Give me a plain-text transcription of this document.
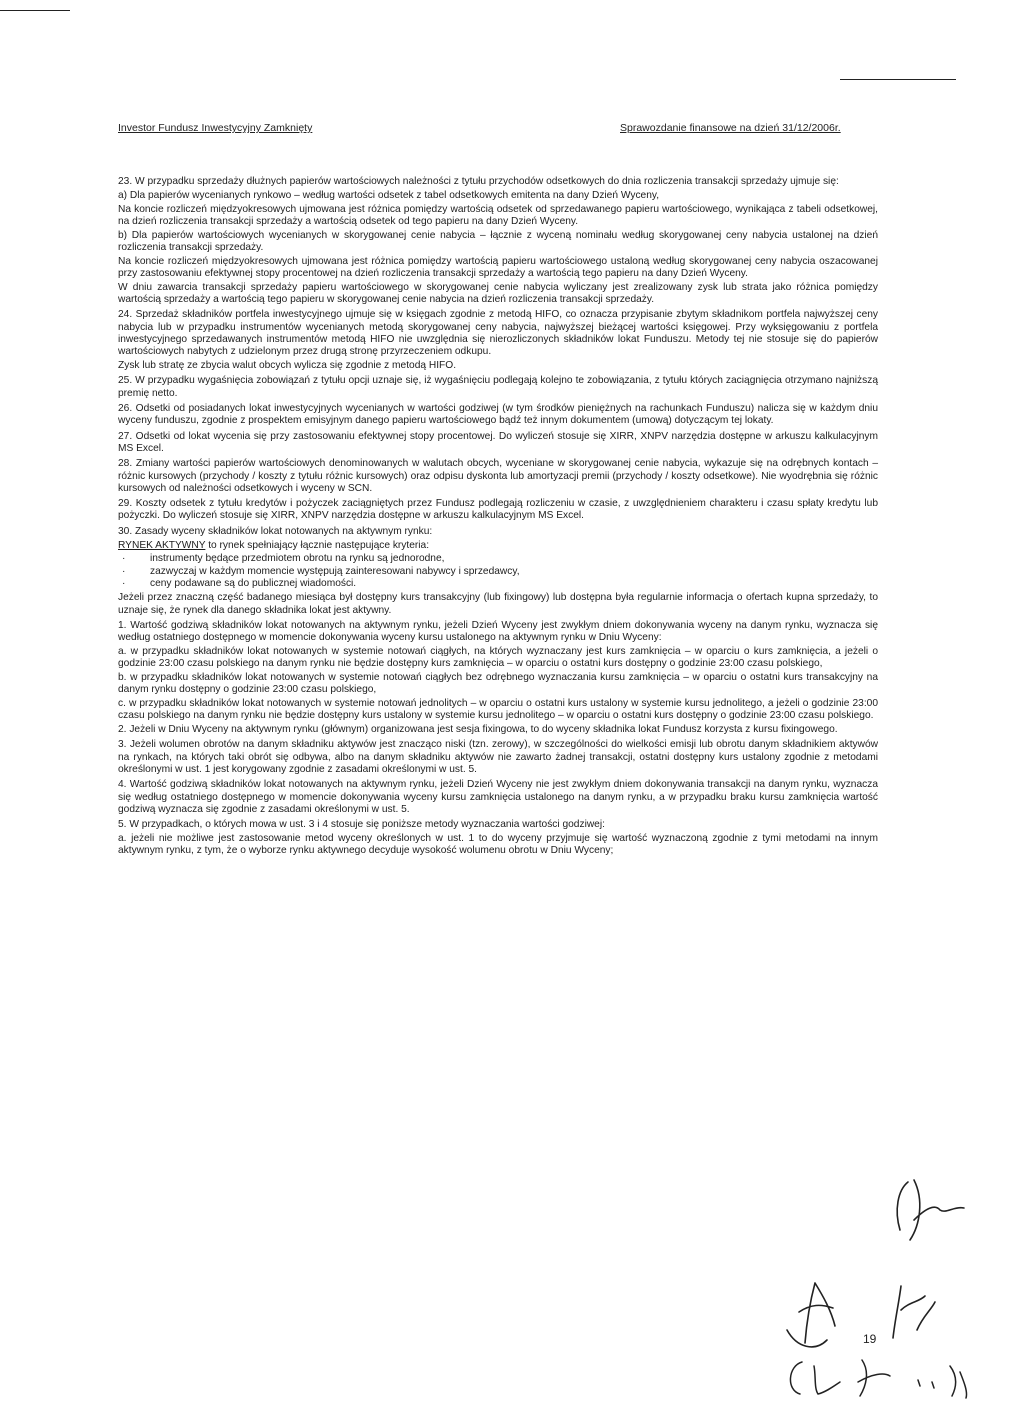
Investor Fundusz Inwestycyjny Zamknięty	Sprawozdanie finansowe na dzień 31/12/2006r.

23. W przypadku sprzedaży dłużnych papierów wartościowych należności z tytułu przychodów odsetkowych do dnia rozliczenia transakcji sprzedaży ujmuje się:

a) Dla papierów wycenianych rynkowo – według wartości odsetek z tabel odsetkowych emitenta na dany Dzień Wyceny,

Na koncie rozliczeń międzyokresowych ujmowana jest różnica pomiędzy wartością odsetek od sprzedawanego papieru wartościowego, wynikająca z tabeli odsetkowej, na dzień rozliczenia transakcji sprzedaży a wartością odsetek od tego papieru na dany Dzień Wyceny.

b) Dla papierów wartościowych wycenianych w skorygowanej cenie nabycia – łącznie z wyceną nominału według skorygowanej ceny nabycia ustalonej na dzień rozliczenia transakcji sprzedaży.

Na koncie rozliczeń międzyokresowych ujmowana jest różnica pomiędzy wartością papieru wartościowego ustaloną według skorygowanej ceny nabycia oszacowanej przy zastosowaniu efektywnej stopy procentowej na dzień rozliczenia transakcji sprzedaży a wartością tego papieru na dany Dzień Wyceny.

W dniu zawarcia transakcji sprzedaży papieru wartościowego w skorygowanej cenie nabycia wyliczany jest zrealizowany zysk lub strata jako różnica pomiędzy wartością sprzedaży a wartością tego papieru w skorygowanej cenie nabycia na dzień rozliczenia transakcji sprzedaży.

24. Sprzedaż składników portfela inwestycyjnego ujmuje się w księgach zgodnie z metodą HIFO, co oznacza przypisanie zbytym składnikom portfela najwyższej ceny nabycia lub w przypadku instrumentów wycenianych metodą skorygowanej ceny nabycia, najwyższej bieżącej wartości księgowej. Przy wyksięgowaniu z portfela inwestycyjnego sprzedawanych instrumentów metodą HIFO nie uwzględnia się nierozliczonych składników lokat Funduszu. Metody tej nie stosuje się do papierów wartościowych nabytych z udzielonym przez drugą stronę przyrzeczeniem odkupu.

Zysk lub stratę ze zbycia walut obcych wylicza się zgodnie z metodą HIFO.

25. W przypadku wygaśnięcia zobowiązań z tytułu opcji uznaje się, iż wygaśnięciu podlegają kolejno te zobowiązania, z tytułu których zaciągnięcia otrzymano najniższą premię netto.

26. Odsetki od posiadanych lokat inwestycyjnych wycenianych w wartości godziwej (w tym środków pieniężnych na rachunkach Funduszu) nalicza się w każdym dniu wyceny funduszu, zgodnie z prospektem emisyjnym danego papieru wartościowego bądź też innym dokumentem (umową) dotyczącym tej lokaty.

27. Odsetki od lokat wycenia się przy zastosowaniu efektywnej stopy procentowej. Do wyliczeń stosuje się XIRR, XNPV narzędzia dostępne w arkuszu kalkulacyjnym MS Excel.

28. Zmiany wartości papierów wartościowych denominowanych w walutach obcych, wyceniane w skorygowanej cenie nabycia, wykazuje się na odrębnych kontach – różnic kursowych (przychody / koszty z tytułu różnic kursowych) oraz odpisu dyskonta lub amortyzacji premii (przychody / koszty odsetkowe). Nie wyodrębnia się różnic kursowych od należności odsetkowych i wyceny w SCN.

29. Koszty odsetek z tytułu kredytów i pożyczek zaciągniętych przez Fundusz podlegają rozliczeniu w czasie, z uwzględnieniem charakteru i czasu spłaty kredytu lub pożyczki. Do wyliczeń stosuje się XIRR, XNPV narzędzia dostępne w arkuszu kalkulacyjnym MS Excel.

30. Zasady wyceny składników lokat notowanych na aktywnym rynku:

RYNEK AKTYWNY to rynek spełniający łącznie następujące kryteria:

· instrumenty będące przedmiotem obrotu na rynku są jednorodne,
· zazwyczaj w każdym momencie występują zainteresowani nabywcy i sprzedawcy,
· ceny podawane są do publicznej wiadomości.

Jeżeli przez znaczną część badanego miesiąca był dostępny kurs transakcyjny (lub fixingowy) lub dostępna była regularnie informacja o ofertach kupna sprzedaży, to uznaje się, że rynek dla danego składnika lokat jest aktywny.

1. Wartość godziwą składników lokat notowanych na aktywnym rynku, jeżeli Dzień Wyceny jest zwykłym dniem dokonywania wyceny na danym rynku, wyznacza się według ostatniego dostępnego w momencie dokonywania wyceny kursu ustalonego na aktywnym rynku w Dniu Wyceny:

a. w przypadku składników lokat notowanych w systemie notowań ciągłych, na których wyznaczany jest kurs zamknięcia – w oparciu o kurs zamknięcia, a jeżeli o godzinie 23:00 czasu polskiego na danym rynku nie będzie dostępny kurs zamknięcia – w oparciu o ostatni kurs dostępny o godzinie 23:00 czasu polskiego,

b. w przypadku składników lokat notowanych w systemie notowań ciągłych bez odrębnego wyznaczania kursu zamknięcia – w oparciu o ostatni kurs transakcyjny na danym rynku dostępny o godzinie 23:00 czasu polskiego,

c. w przypadku składników lokat notowanych w systemie notowań jednolitych – w oparciu o ostatni kurs ustalony w systemie kursu jednolitego, a jeżeli o godzinie 23:00 czasu polskiego na danym rynku nie będzie dostępny kurs ustalony w systemie kursu jednolitego – w oparciu o ostatni kurs dostępny o godzinie 23:00 czasu polskiego.

2. Jeżeli w Dniu Wyceny na aktywnym rynku (głównym) organizowana jest sesja fixingowa, to do wyceny składnika lokat Fundusz korzysta z kursu fixingowego.

3. Jeżeli wolumen obrotów na danym składniku aktywów jest znacząco niski (tzn. zerowy), w szczególności do wielkości emisji lub obrotu danym składnikiem aktywów na rynkach, na których taki obrót się odbywa, albo na danym składniku aktywów nie zawarto żadnej transakcji, ostatni dostępny kurs ustalony zgodnie z metodami określonymi w ust. 1 jest korygowany zgodnie z zasadami określonymi w ust. 5.

4. Wartość godziwą składników lokat notowanych na aktywnym rynku, jeżeli Dzień Wyceny nie jest zwykłym dniem dokonywania transakcji na danym rynku, wyznacza się według ostatniego dostępnego w momencie dokonywania wyceny kursu zamknięcia ustalonego na danym rynku, a w przypadku braku kursu zamknięcia wartość godziwą wyznacza się zgodnie z zasadami określonymi w ust. 5.

5. W przypadkach, o których mowa w ust. 3 i 4 stosuje się poniższe metody wyznaczania wartości godziwej:

a. jeżeli nie możliwe jest zastosowanie metod wyceny określonych w ust. 1 to do wyceny przyjmuje się wartość wyznaczoną zgodnie z tymi metodami na innym aktywnym rynku, z tym, że o wyborze rynku aktywnego decyduje wysokość wolumenu obrotu w Dniu Wyceny;

19
